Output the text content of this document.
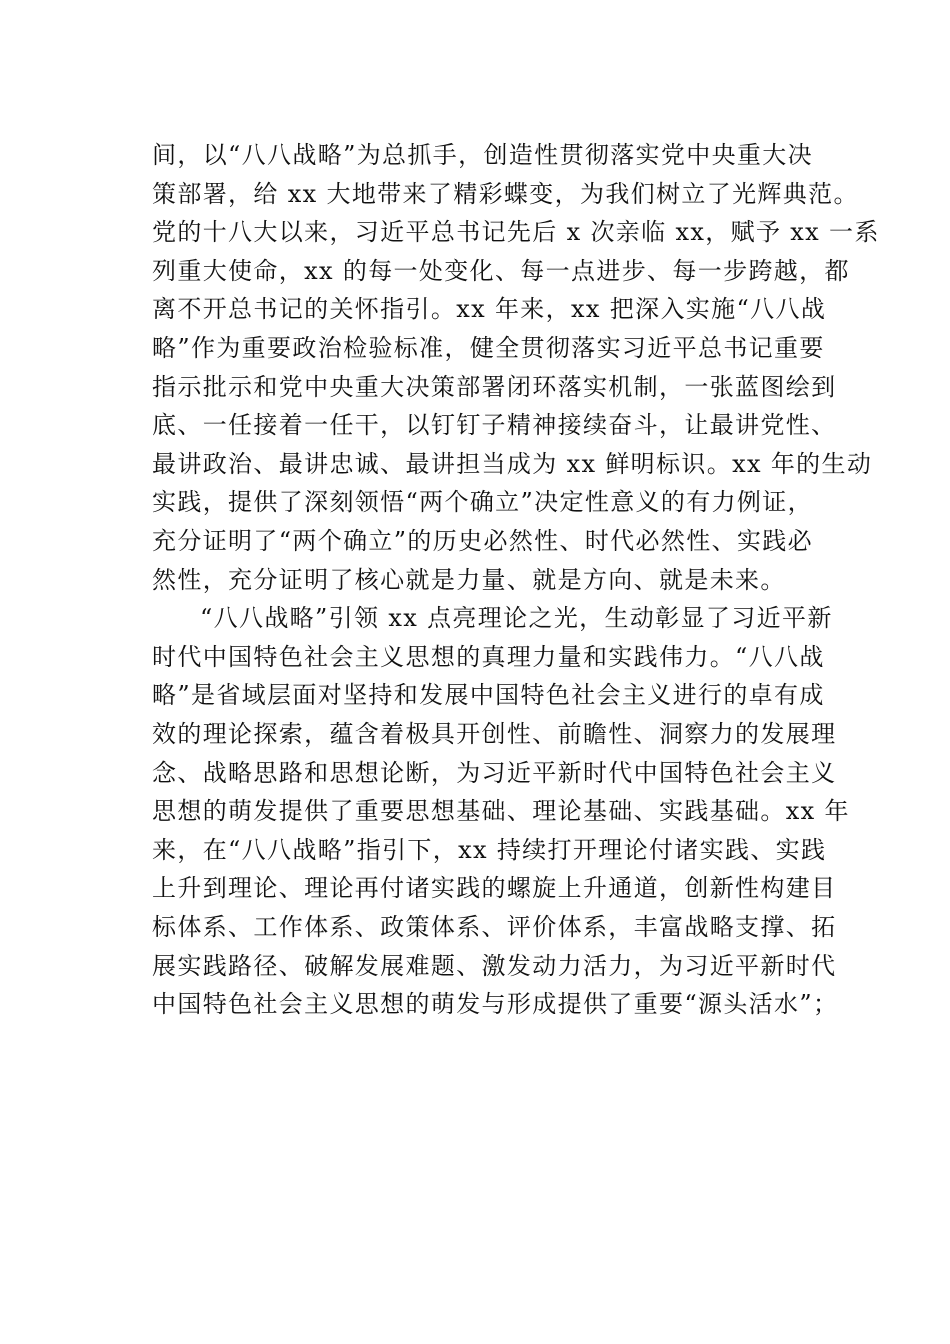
间，以“八八战略”为总抓手，创造性贯彻落实党中央重大决
策部署，给 xx 大地带来了精彩蝶变，为我们树立了光辉典范。
党的十八大以来，习近平总书记先后 x 次亲临 xx，赋予 xx 一系
列重大使命，xx 的每一处变化、每一点进步、每一步跨越，都
离不开总书记的关怀指引。xx 年来，xx 把深入实施“八八战
略”作为重要政治检验标准，健全贯彻落实习近平总书记重要
指示批示和党中央重大决策部署闭环落实机制，一张蓝图绘到
底、一任接着一任干，以钉钉子精神接续奋斗，让最讲党性、
最讲政治、最讲忠诚、最讲担当成为 xx 鲜明标识。xx 年的生动
实践，提供了深刻领悟“两个确立”决定性意义的有力例证，
充分证明了“两个确立”的历史必然性、时代必然性、实践必
然性，充分证明了核心就是力量、就是方向、就是未来。
“八八战略”引领 xx 点亮理论之光，生动彰显了习近平新
时代中国特色社会主义思想的真理力量和实践伟力。“八八战
略”是省域层面对坚持和发展中国特色社会主义进行的卓有成
效的理论探索，蕴含着极具开创性、前瞻性、洞察力的发展理
念、战略思路和思想论断，为习近平新时代中国特色社会主义
思想的萌发提供了重要思想基础、理论基础、实践基础。xx 年
来，在“八八战略”指引下，xx 持续打开理论付诸实践、实践
上升到理论、理论再付诸实践的螺旋上升通道，创新性构建目
标体系、工作体系、政策体系、评价体系，丰富战略支撑、拓
展实践路径、破解发展难题、激发动力活力，为习近平新时代
中国特色社会主义思想的萌发与形成提供了重要“源头活水”；
